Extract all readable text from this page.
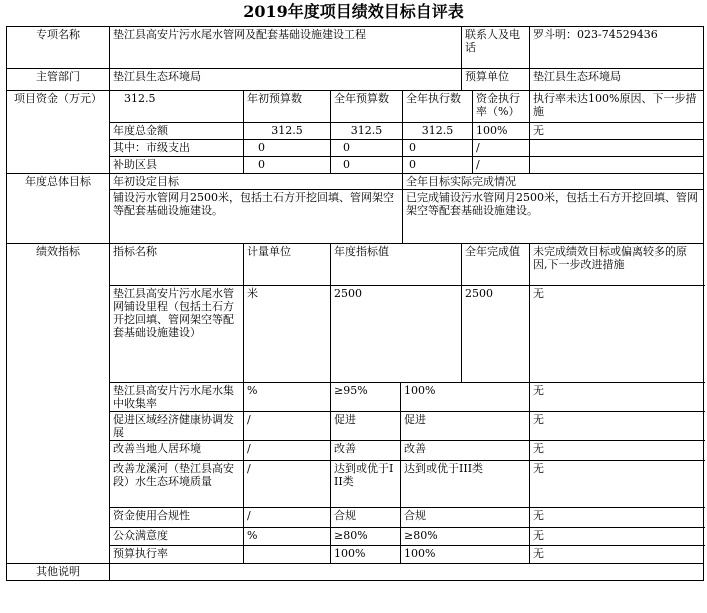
2019年度项目绩效目标自评表
专项名称	垫江县高安片污水尾水管网及配套基础设施建设工程					联系人及电话		罗斗明：023-74529436
主管部门	垫江县生态环境局					预算单位		垫江县生态环境局
项目资金（万元）	312.5	年初预算数	全年预算数		全年执行数		资金执行率（%）	执行率未达100%原因、下一步措施
	年度总金额	312.5	312.5		312.5		100%	无
	其中：市级支出	0	0		0		/	
	补助区县	0	0		0		/	
年度总体目标	年初设定目标				全年目标实际完成情况			
	铺设污水管网月2500米，包括土石方开挖回填、管网架空等配套基础设施建设。				已完成铺设污水管网月2500米，包括土石方开挖回填、管网架空等配套基础设施建设。			
绩效指标	指标名称	计量单位	年度指标值			全年完成值		未完成绩效目标或偏离较多的原因,下一步改进措施
	垫江县高安片污水尾水管网铺设里程（包括土石方开挖回填、管网架空等配套基础设施建设）	米	2500			2500		无
	垫江县高安片污水尾水集中收集率	%	≥95%	100%				无
	促进区域经济健康协调发展	/	促进	促进				无
	改善当地人居环境	/	改善	改善				无
	改善龙溪河（垫江县高安段）水生态环境质量	/	达到或优于III类	达到或优于III类				无
	资金使用合规性	/	合规	合规				无
	公众满意度	%	≥80%	≥80%				无
	预算执行率		100%	100%				无
其他说明								
